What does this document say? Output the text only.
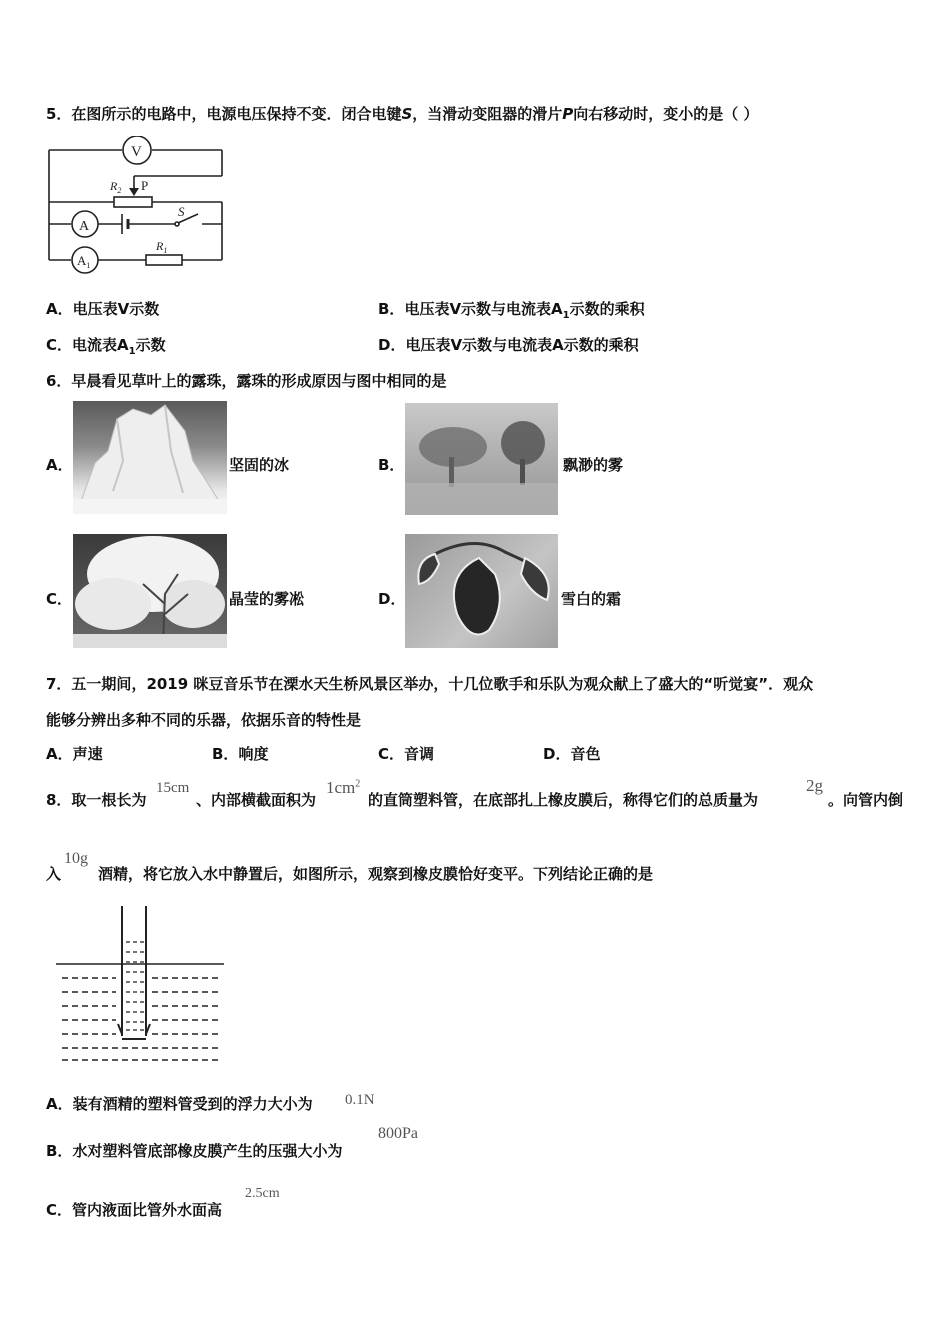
5．在图所示的电路中，电源电压保持不变．闭合电键S，当滑动变阻器的滑片P向右移动时，变小的是（ ）
V
$R_2$ P
A
S
$A_1$
$R_1$
A．电压表V示数	B．电压表V示数与电流表$A_1$示数的乘积
C．电流表$A_1$示数	D．电压表V示数与电流表A示数的乘积
6．早晨看见草叶上的露珠，露珠的形成原因与图中相同的是
A．	坚固的冰	B．	飘渺的雾
C．	晶莹的雾凇	D．	雪白的霜
7．五一期间，2019 咪豆音乐节在溧水天生桥风景区举办，十几位歌手和乐队为观众献上了盛大的“听觉宴”．观众
能够分辨出多种不同的乐器，依据乐音的特性是
A．声速	B．响度	C．音调	D．音色
8．取一根长为
15cm
、内部横截面积为
$1cm^2$
的直筒塑料管，在底部扎上橡皮膜后，称得它们的总质量为
2g
。向管内倒
入
10g
酒精，将它放入水中静置后，如图所示，观察到橡皮膜恰好变平。下列结论正确的是
A．装有酒精的塑料管受到的浮力大小为 0.1N
B．水对塑料管底部橡皮膜产生的压强大小为
800Pa
C．管内液面比管外水面高
2.5cm
